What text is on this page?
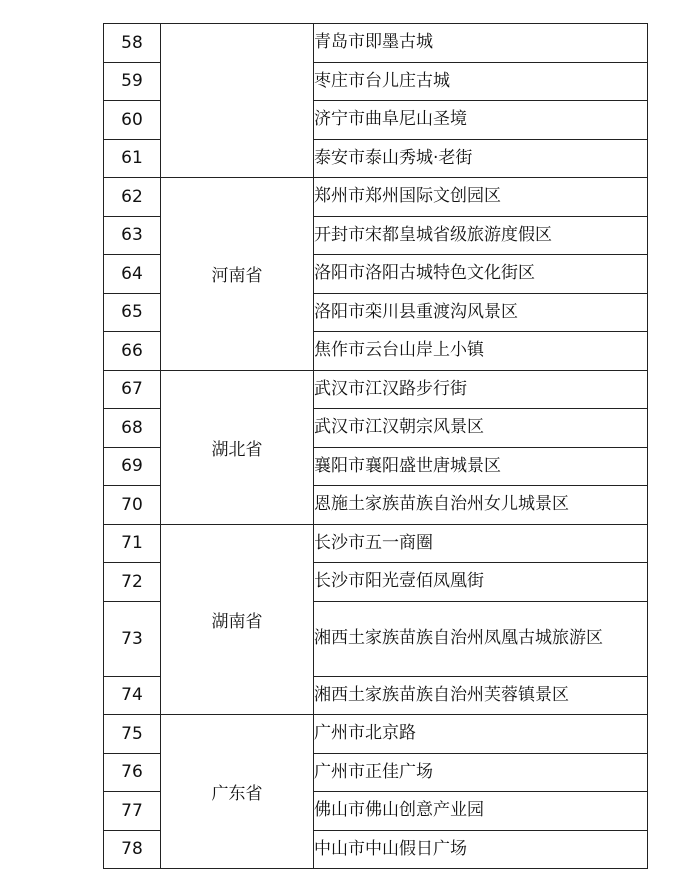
58		青岛市即墨古城
59		枣庄市台儿庄古城
60		济宁市曲阜尼山圣境
61		泰安市泰山秀城·老街
62	河南省	郑州市郑州国际文创园区
63		开封市宋都皇城省级旅游度假区
64		洛阳市洛阳古城特色文化街区
65		洛阳市栾川县重渡沟风景区
66		焦作市云台山岸上小镇
67	湖北省	武汉市江汉路步行街
68		武汉市江汉朝宗风景区
69		襄阳市襄阳盛世唐城景区
70		恩施土家族苗族自治州女儿城景区
71	湖南省	长沙市五一商圈
72		长沙市阳光壹佰凤凰街
73		湘西土家族苗族自治州凤凰古城旅游区
74		湘西土家族苗族自治州芙蓉镇景区
75	广东省	广州市北京路
76		广州市正佳广场
77		佛山市佛山创意产业园
78		中山市中山假日广场
